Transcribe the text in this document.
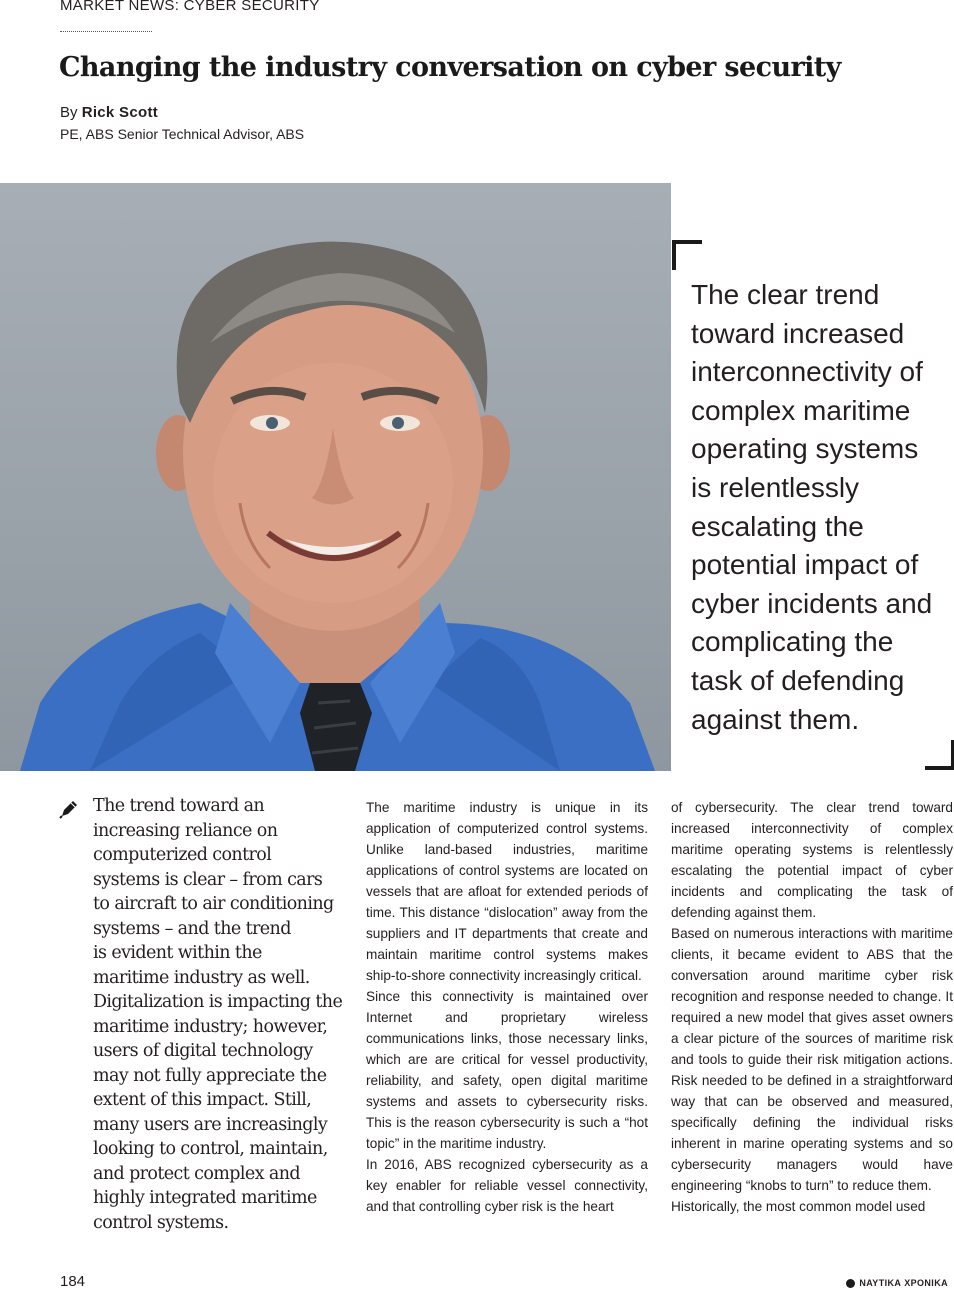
MARKET NEWS: CYBER SECURITY
Changing the industry conversation on cyber security
By Rick Scott
PE, ABS Senior Technical Advisor, ABS
The clear trend
toward increased
interconnectivity of
complex maritime
operating systems
is relentlessly
escalating the
potential impact of
cyber incidents and
complicating the
task of defending
against them.
The trend toward an
increasing reliance on
computerized control
systems is clear – from cars
to aircraft to air conditioning
systems – and the trend
is evident within the
maritime industry as well.
Digitalization is impacting the
maritime industry; however,
users of digital technology
may not fully appreciate the
extent of this impact. Still,
many users are increasingly
looking to control, maintain,
and protect complex and
highly integrated maritime
control systems.

The maritime industry is unique in its application of computerized control systems. Unlike land-based industries, maritime applications of control systems are located on vessels that are afloat for extended periods of time. This distance “dislocation” away from the suppliers and IT departments that create and maintain maritime control systems makes ship-to-shore connectivity increasingly critical.

Since this connectivity is maintained over Internet and proprietary wireless communications links, those necessary links, which are are critical for vessel productivity, reliability, and safety, open digital maritime systems and assets to cybersecurity risks. This is the reason cybersecurity is such a “hot topic” in the maritime industry.

In 2016, ABS recognized cybersecurity as a key enabler for reliable vessel connectivity, and that controlling cyber risk is the heart

of cybersecurity. The clear trend toward increased interconnectivity of complex maritime operating systems is relentlessly escalating the potential impact of cyber incidents and complicating the task of defending against them.

Based on numerous interactions with maritime clients, it became evident to ABS that the conversation around maritime cyber risk recognition and response needed to change. It required a new model that gives asset owners a clear picture of the sources of maritime risk and tools to guide their risk mitigation actions. Risk needed to be defined in a straightforward way that can be observed and measured, specifically defining the individual risks inherent in marine operating systems and so cybersecurity managers would have engineering “knobs to turn” to reduce them.

Historically, the most common model used

184	ΝΑΥΤΙΚΑ ΧΡΟΝΙΚΑ
